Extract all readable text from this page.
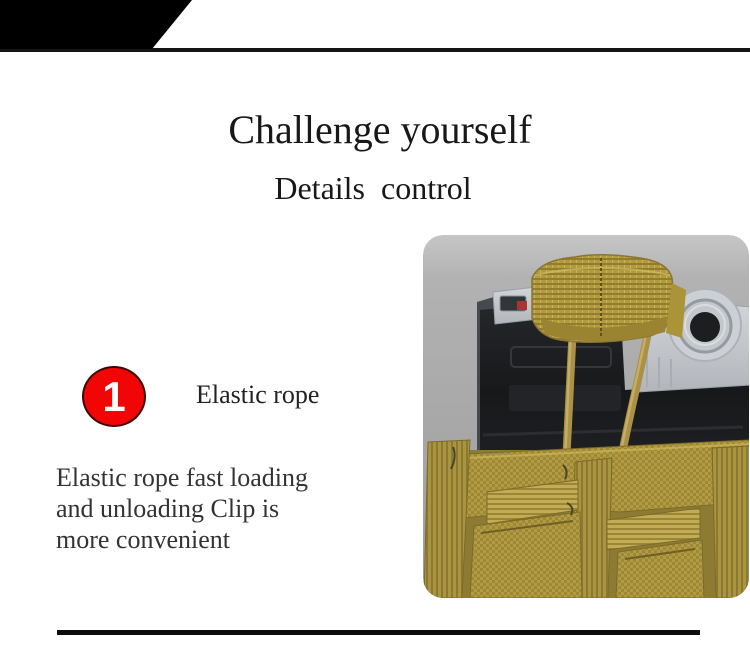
Challenge yourself
Details  control
1	Elastic rope
Elastic rope fast loading
and unloading Clip is
more convenient
